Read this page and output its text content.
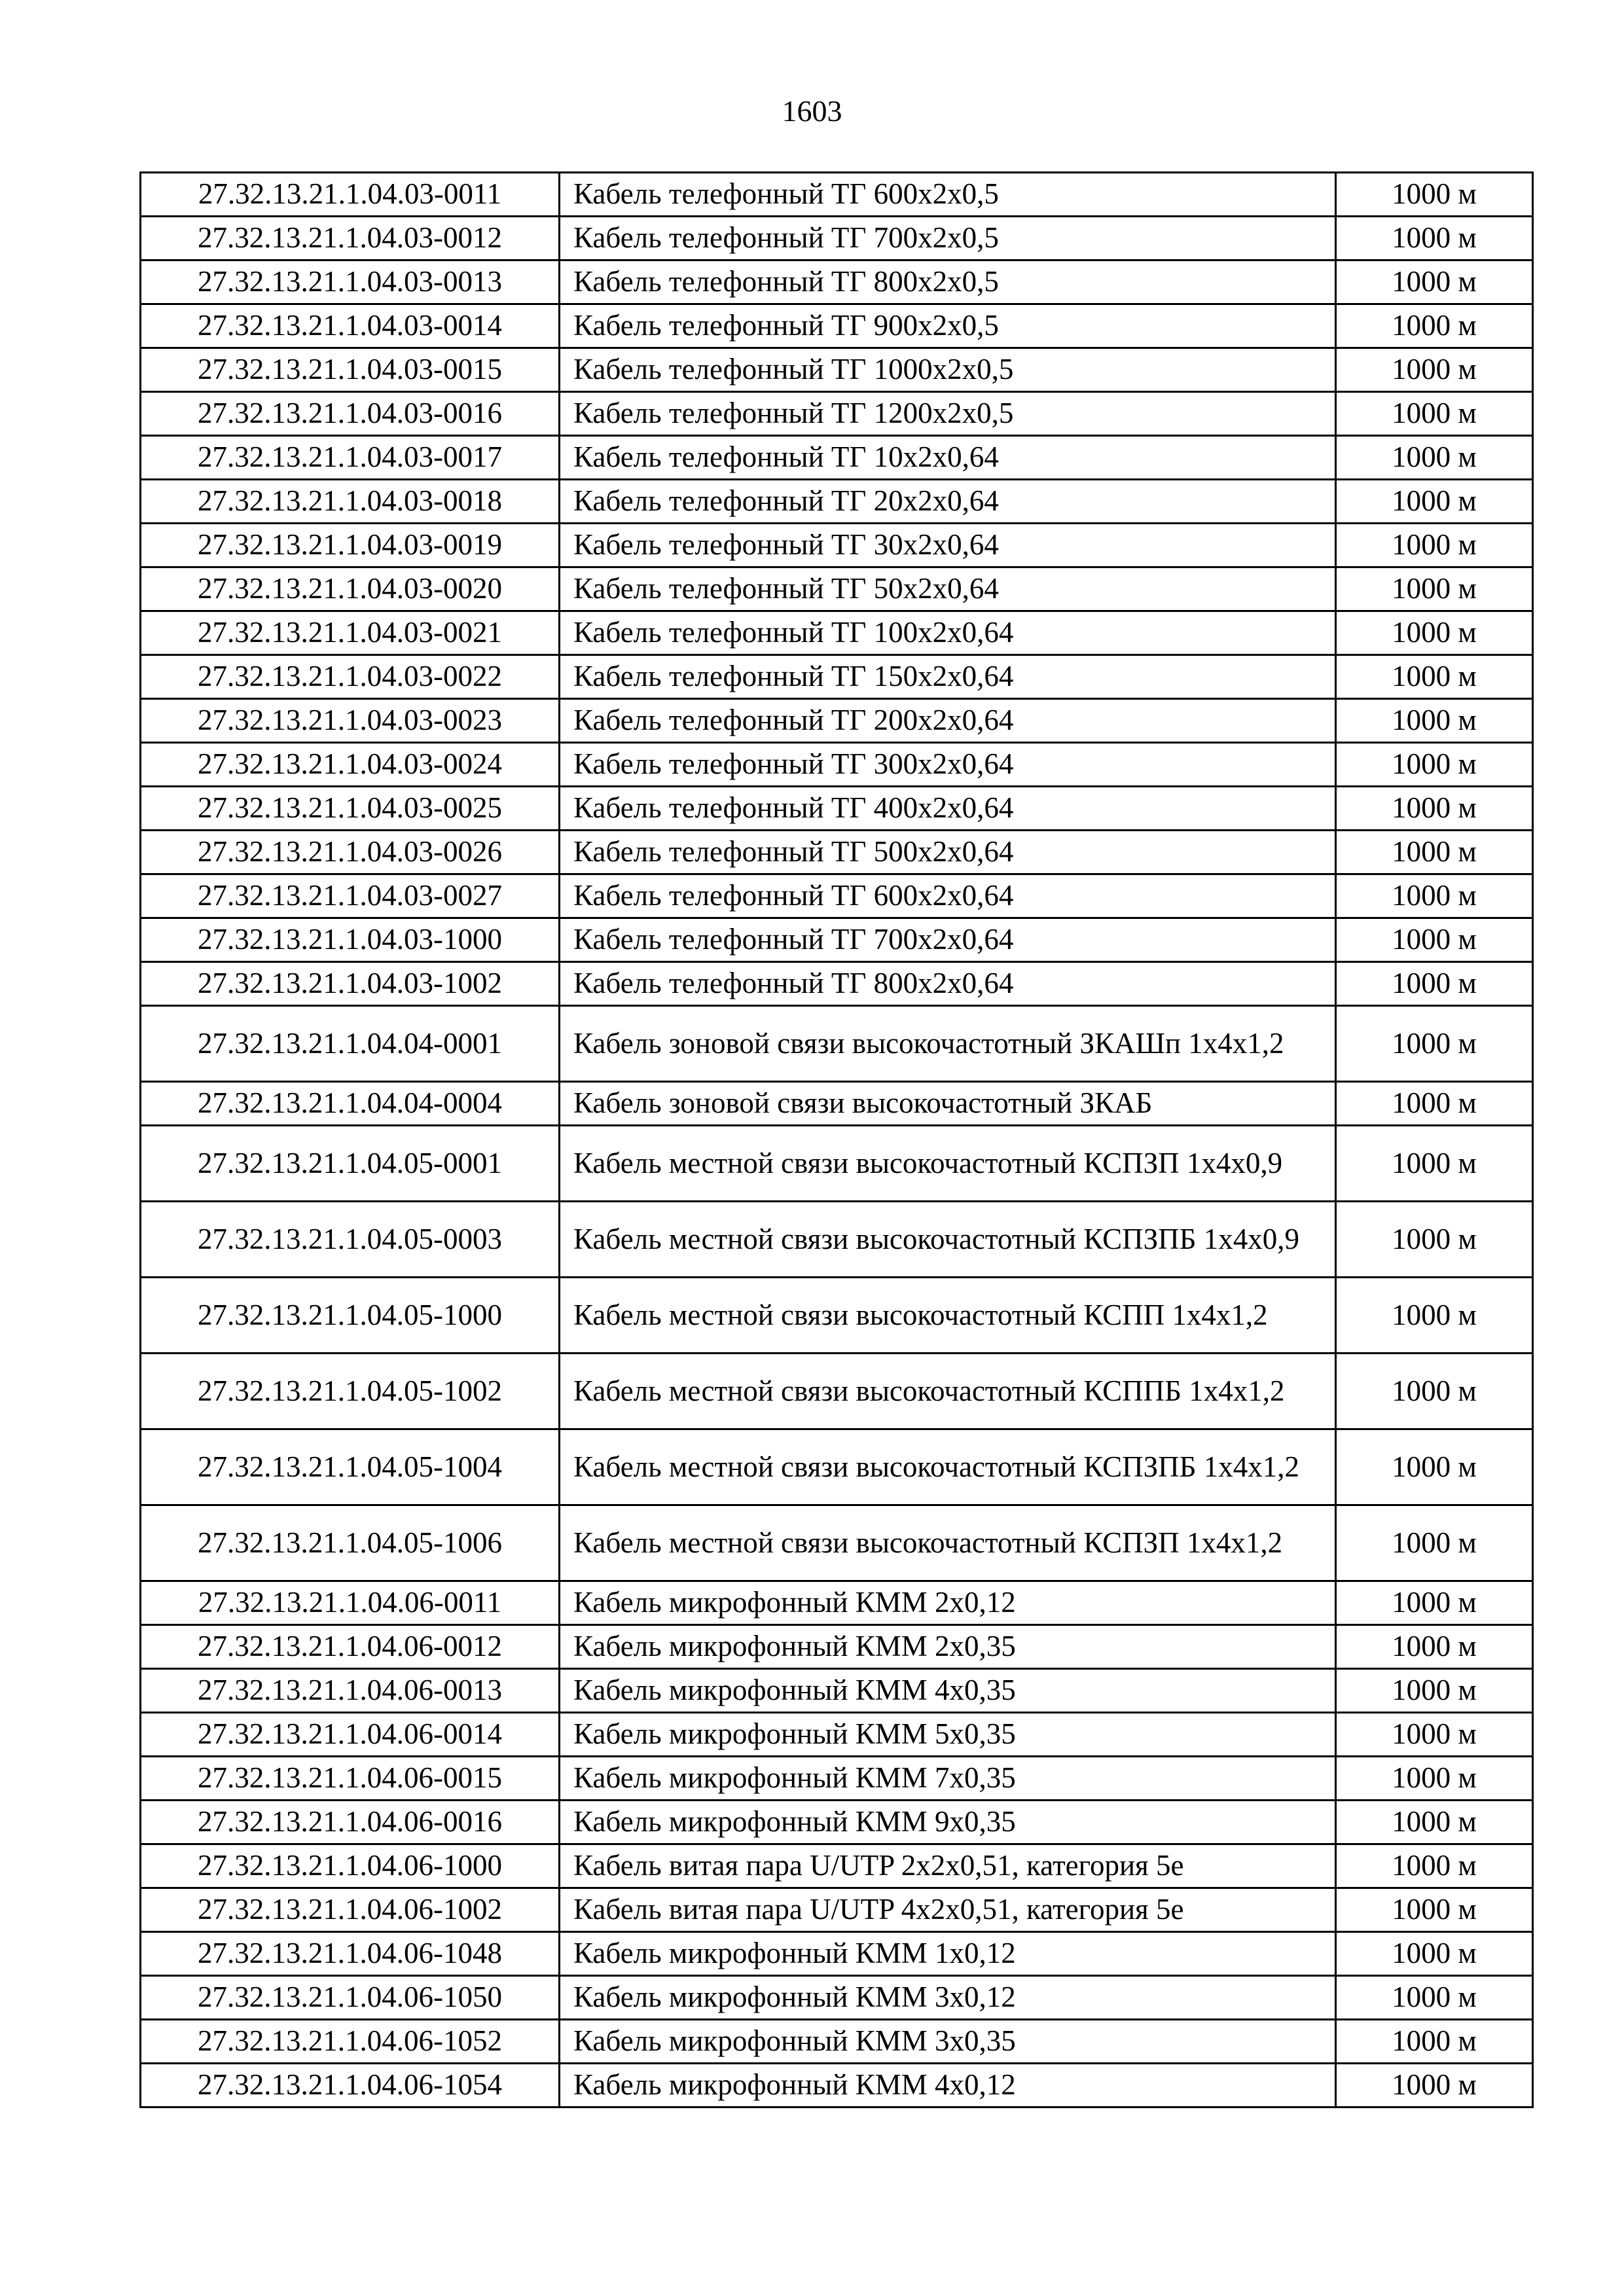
1603
27.32.13.21.1.04.03-0011	Кабель телефонный ТГ 600х2х0,5	1000 м
27.32.13.21.1.04.03-0012	Кабель телефонный ТГ 700х2х0,5	1000 м
27.32.13.21.1.04.03-0013	Кабель телефонный ТГ 800х2х0,5	1000 м
27.32.13.21.1.04.03-0014	Кабель телефонный ТГ 900х2х0,5	1000 м
27.32.13.21.1.04.03-0015	Кабель телефонный ТГ 1000х2х0,5	1000 м
27.32.13.21.1.04.03-0016	Кабель телефонный ТГ 1200х2х0,5	1000 м
27.32.13.21.1.04.03-0017	Кабель телефонный ТГ 10х2х0,64	1000 м
27.32.13.21.1.04.03-0018	Кабель телефонный ТГ 20х2х0,64	1000 м
27.32.13.21.1.04.03-0019	Кабель телефонный ТГ 30х2х0,64	1000 м
27.32.13.21.1.04.03-0020	Кабель телефонный ТГ 50х2х0,64	1000 м
27.32.13.21.1.04.03-0021	Кабель телефонный ТГ 100х2х0,64	1000 м
27.32.13.21.1.04.03-0022	Кабель телефонный ТГ 150х2х0,64	1000 м
27.32.13.21.1.04.03-0023	Кабель телефонный ТГ 200х2х0,64	1000 м
27.32.13.21.1.04.03-0024	Кабель телефонный ТГ 300х2х0,64	1000 м
27.32.13.21.1.04.03-0025	Кабель телефонный ТГ 400х2х0,64	1000 м
27.32.13.21.1.04.03-0026	Кабель телефонный ТГ 500х2х0,64	1000 м
27.32.13.21.1.04.03-0027	Кабель телефонный ТГ 600х2х0,64	1000 м
27.32.13.21.1.04.03-1000	Кабель телефонный ТГ 700х2х0,64	1000 м
27.32.13.21.1.04.03-1002	Кабель телефонный ТГ 800х2х0,64	1000 м
27.32.13.21.1.04.04-0001	Кабель зоновой связи высокочастотный ЗКАШп 1х4х1,2	1000 м
27.32.13.21.1.04.04-0004	Кабель зоновой связи высокочастотный ЗКАБ	1000 м
27.32.13.21.1.04.05-0001	Кабель местной связи высокочастотный КСПЗП 1х4х0,9	1000 м
27.32.13.21.1.04.05-0003	Кабель местной связи высокочастотный КСПЗПБ 1х4х0,9	1000 м
27.32.13.21.1.04.05-1000	Кабель местной связи высокочастотный КСПП 1х4х1,2	1000 м
27.32.13.21.1.04.05-1002	Кабель местной связи высокочастотный КСППБ 1х4х1,2	1000 м
27.32.13.21.1.04.05-1004	Кабель местной связи высокочастотный КСПЗПБ 1х4х1,2	1000 м
27.32.13.21.1.04.05-1006	Кабель местной связи высокочастотный КСПЗП 1х4х1,2	1000 м
27.32.13.21.1.04.06-0011	Кабель микрофонный КММ 2х0,12	1000 м
27.32.13.21.1.04.06-0012	Кабель микрофонный КММ 2х0,35	1000 м
27.32.13.21.1.04.06-0013	Кабель микрофонный КММ 4х0,35	1000 м
27.32.13.21.1.04.06-0014	Кабель микрофонный КММ 5х0,35	1000 м
27.32.13.21.1.04.06-0015	Кабель микрофонный КММ 7х0,35	1000 м
27.32.13.21.1.04.06-0016	Кабель микрофонный КММ 9х0,35	1000 м
27.32.13.21.1.04.06-1000	Кабель витая пара U/UTP 2х2х0,51, категория 5е	1000 м
27.32.13.21.1.04.06-1002	Кабель витая пара U/UTP 4х2х0,51, категория 5е	1000 м
27.32.13.21.1.04.06-1048	Кабель микрофонный КММ 1х0,12	1000 м
27.32.13.21.1.04.06-1050	Кабель микрофонный КММ 3х0,12	1000 м
27.32.13.21.1.04.06-1052	Кабель микрофонный КММ 3х0,35	1000 м
27.32.13.21.1.04.06-1054	Кабель микрофонный КММ 4х0,12	1000 м
